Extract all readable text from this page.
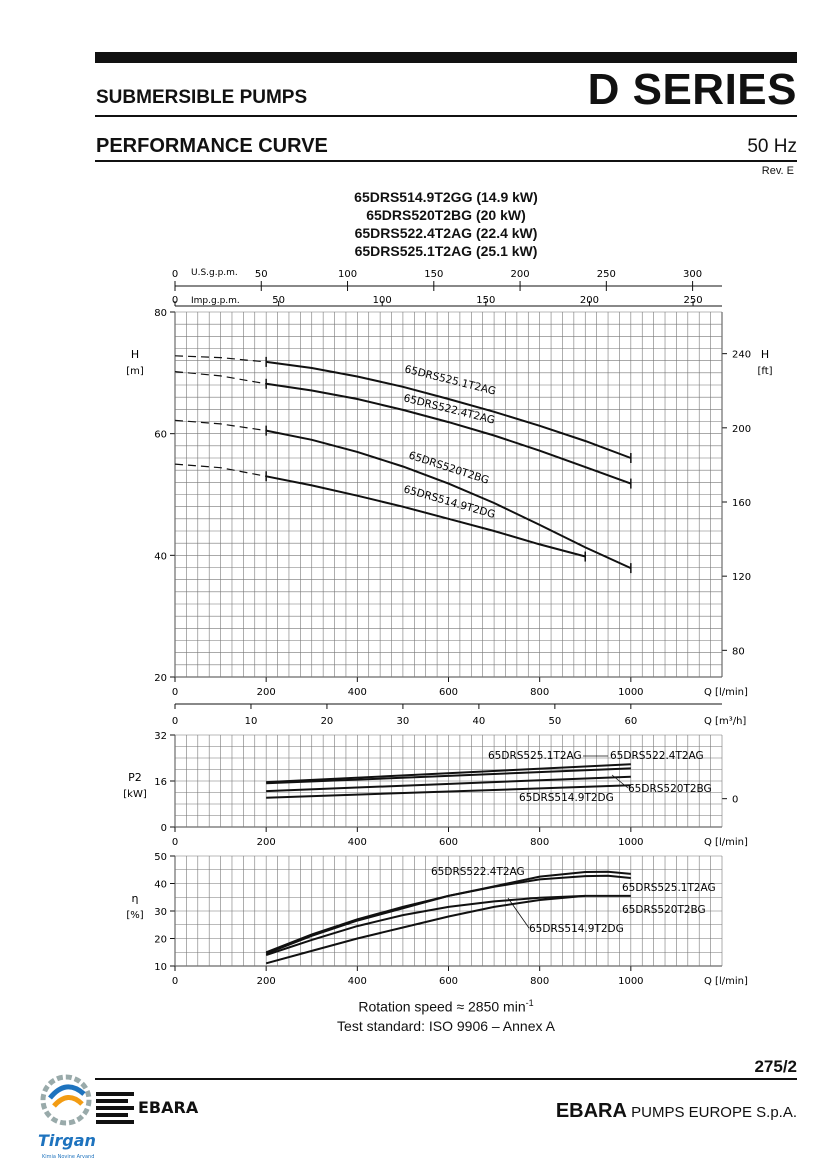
SUBMERSIBLE PUMPS	D SERIES
PERFORMANCE CURVE	50 Hz
Rev. E
65DRS514.9T2GG (14.9 kW)
65DRS520T2BG (20 kW)
65DRS522.4T2AG (22.4 kW)
65DRS525.1T2AG (25.1 kW)
20
40
60
80
0	200	400	600	800	1000	Q [l/min]
H
[m]
0
16
32
0	200	400	600	800	1000	Q [l/min]
P2
[kW]
10
20
30
40
50
0	200	400	600	800	1000	Q [l/min]
η
[%]
0
80
120
160
200
240 H
[ft]
0	50	100	150	200	250	300
U.S.g.p.m.
0	50	100	150	200	250
Imp.g.p.m.
0	10	20	30	40	50	60	Q [m³/h]
65DRS525.1T2AG
65DRS522.4T2AG
65DRS520T2BG
65DRS514.9T2DG
65DRS525.1T2AG	65DRS522.4T2AG
65DRS520T2BG
65DRS514.9T2DG
65DRS522.4T2AG
65DRS525.1T2AG
65DRS520T2BG
65DRS514.9T2DG
Rotation speed ≈ 2850 $\min^{-1}$
Test standard: ISO 9906 – Annex A
275/2
Tirgan
Kimia Novine Arvand
EBARA	EBARA PUMPS EUROPE S.p.A.
